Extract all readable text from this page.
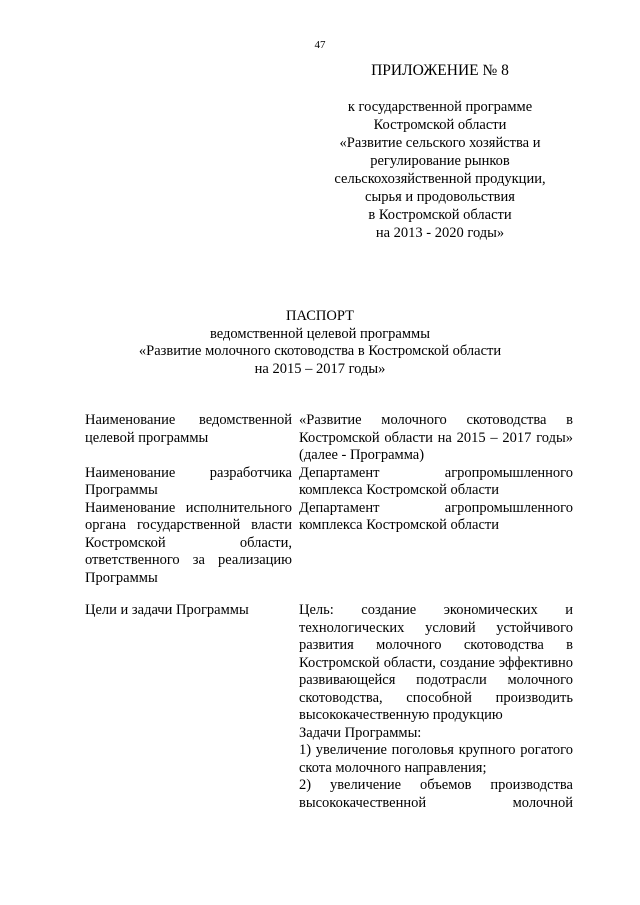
47
ПРИЛОЖЕНИЕ № 8
к государственной программе
Костромской области
«Развитие сельского хозяйства и
регулирование рынков
сельскохозяйственной продукции,
сырья и продовольствия
в Костромской области
на 2013 - 2020 годы»
ПАСПОРТ
ведомственной целевой программы
«Развитие молочного скотоводства в Костромской области
на 2015 – 2017 годы»
Наименование ведомственной целевой программы
«Развитие молочного скотоводства в Костромской области на 2015 – 2017 годы» (далее - Программа)
Наименование разработчика Программы
Департамент агропромышленного комплекса Костромской области
Наименование исполнительного органа государственной власти Костромской области, ответственного за реализацию Программы
Департамент агропромышленного комплекса Костромской области
Цели и задачи Программы	Цель: создание экономических и технологических условий устойчивого развития молочного скотоводства в Костромской области, создание эффективно развивающейся подотрасли молочного скотоводства, способной производить высококачественную продукцию
Задачи Программы:
1) увеличение поголовья крупного рогатого скота молочного направления;
2) увеличение объемов производства высококачественной молочной
